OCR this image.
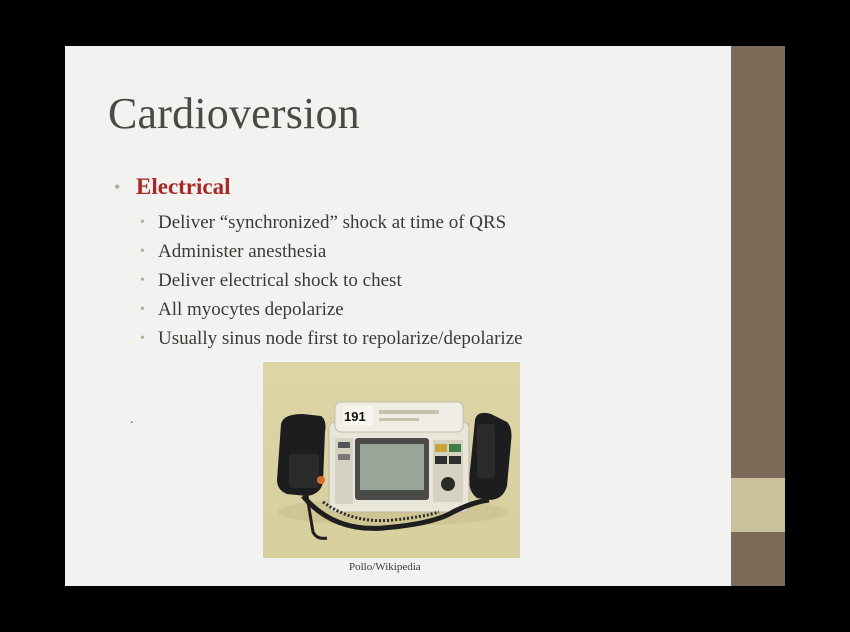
Cardioversion
• Electrical
• Deliver “synchronized” shock at time of QRS
• Administer anesthesia
• Deliver electrical shock to chest
• All myocytes depolarize
• Usually sinus node first to repolarize/depolarize
.	191
Pollo/Wikipedia
